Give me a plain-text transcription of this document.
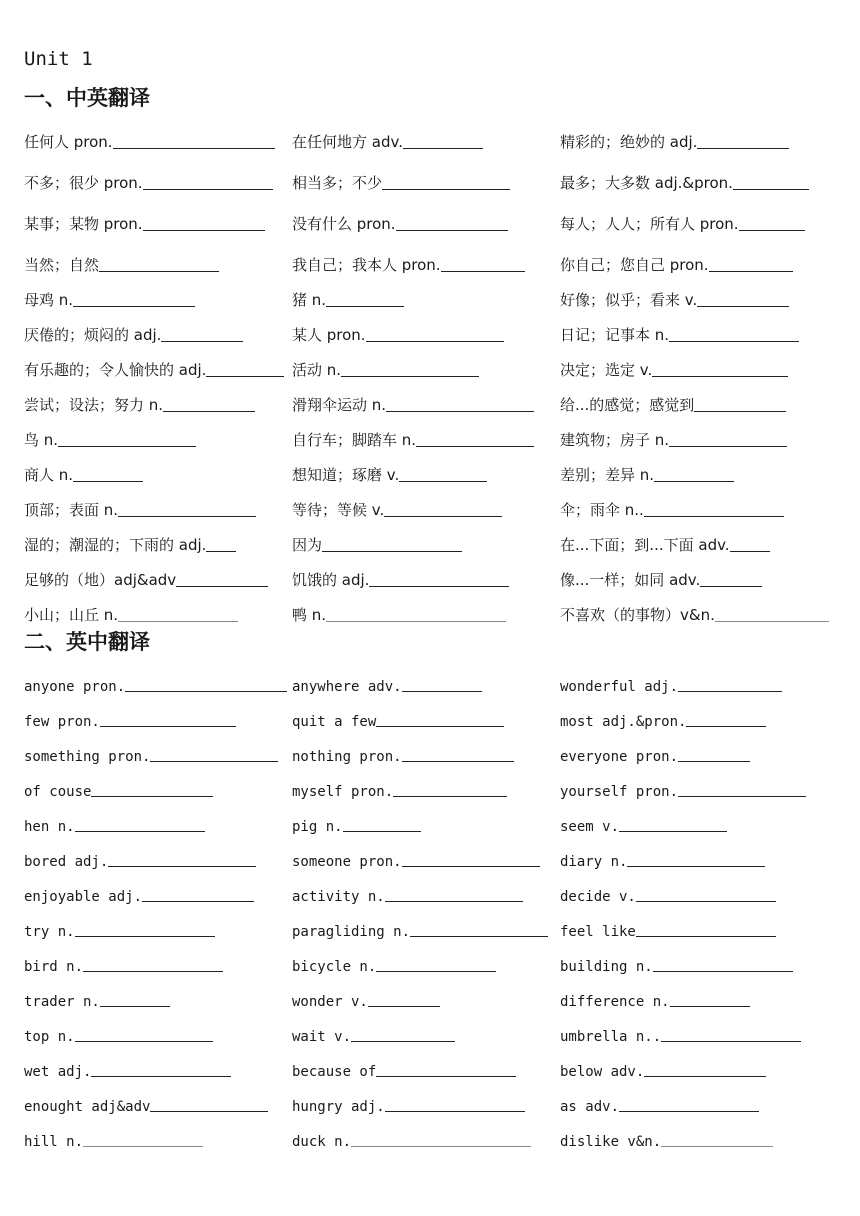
Unit 1
一、中英翻译
任何人 pron.	在任何地方 adv.	精彩的；绝妙的 adj.
不多；很少 pron.	相当多；不少	最多；大多数 adj.&pron.
某事；某物 pron.	没有什么 pron.	每人；人人；所有人 pron.
当然；自然	我自己；我本人 pron.	你自己；您自己 pron.
母鸡 n.	猪 n.	好像；似乎；看来 v.
厌倦的；烦闷的 adj.	某人 pron.	日记；记事本 n.
有乐趣的；令人愉快的 adj.	活动 n.	决定；选定 v.
尝试；设法；努力 n.	滑翔伞运动 n.	给...的感觉；感觉到
鸟 n.	自行车；脚踏车 n.	建筑物；房子 n.
商人 n.	想知道；琢磨 v.	差别；差异 n.
顶部；表面 n.	等待；等候 v.	伞；雨伞 n..
湿的；潮湿的；下雨的 adj.	因为	在...下面；到...下面 adv.
足够的（地）adj&adv	饥饿的 adj.	像...一样；如同 adv.
小山；山丘 n.	鸭 n.	不喜欢（的事物）v&n.
二、英中翻译
anyone pron.	anywhere adv.	wonderful adj.
few pron.	quit a few	most adj.&pron.
something pron.	nothing pron.	everyone pron.
of couse	myself pron.	yourself pron.
hen n.	pig n.	seem v.
bored adj.	someone pron.	diary n.
enjoyable adj.	activity n.	decide v.
try n.	paragliding n.	feel like
bird n.	bicycle n.	building n.
trader n.	wonder v.	difference n.
top n.	wait v.	umbrella n..
wet adj.	because of	below adv.
enought adj&adv	hungry adj.	as adv.
hill n.	duck n.	dislike v&n.
